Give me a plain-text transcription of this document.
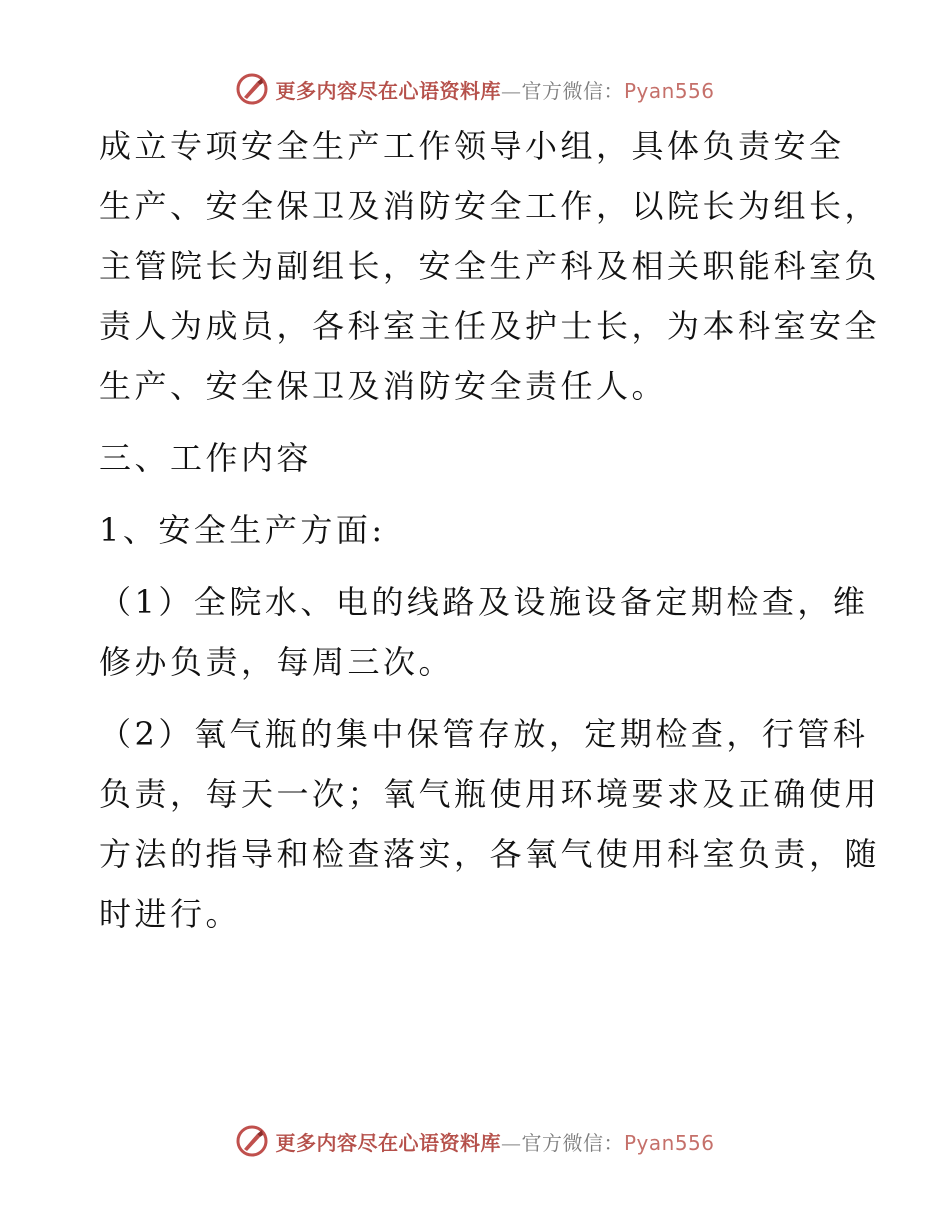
更多内容尽在心语资料库—官方微信：Pyan556

成立专项安全生产工作领导小组，具体负责安全

生产、安全保卫及消防安全工作，以院长为组长，

主管院长为副组长，安全生产科及相关职能科室负

责人为成员，各科室主任及护士长，为本科室安全

生产、安全保卫及消防安全责任人。

三、工作内容

1、安全生产方面:

（1）全院水、电的线路及设施设备定期检查，维

修办负责，每周三次。

（2）氧气瓶的集中保管存放，定期检查，行管科

负责，每天一次；氧气瓶使用环境要求及正确使用

方法的指导和检查落实，各氧气使用科室负责，随

时进行。

更多内容尽在心语资料库—官方微信：Pyan556
